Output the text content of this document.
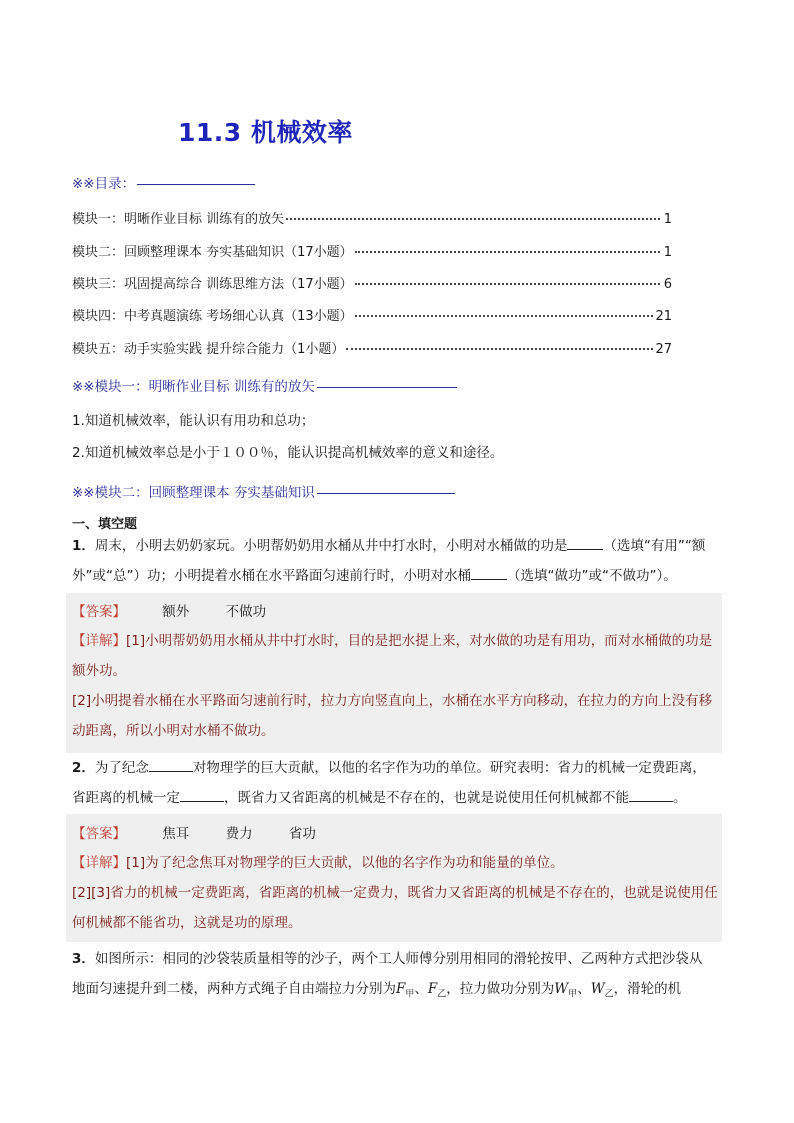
11.3 机械效率
※※目录：
模块一：明晰作业目标 训练有的放矢	1
模块二：回顾整理课本 夯实基础知识（17小题）	1
模块三：巩固提高综合 训练思维方法（17小题）	6
模块四：中考真题演练 考场细心认真（13小题）	21
模块五：动手实验实践 提升综合能力（1小题）	27
※※模块一：明晰作业目标 训练有的放矢
1.知道机械效率，能认识有用功和总功；
2.知道机械效率总是小于１００％，能认识提高机械效率的意义和途径。
※※模块二：回顾整理课本 夯实基础知识
一、填空题
1．周末，小明去奶奶家玩。小明帮奶奶用水桶从井中打水时，小明对水桶做的功是	（选填“有用”“额
外”或“总”）功；小明提着水桶在水平路面匀速前行时，小明对水桶	（选填“做功”或“不做功”）。
【答案】	额外	不做功
【详解】[1]小明帮奶奶用水桶从井中打水时，目的是把水提上来，对水做的功是有用功，而对水桶做的功是额外功。
[2]小明提着水桶在水平路面匀速前行时，拉力方向竖直向上，水桶在水平方向移动，在拉力的方向上没有移动距离，所以小明对水桶不做功。
2．为了纪念	对物理学的巨大贡献，以他的名字作为功的单位。研究表明：省力的机械一定费距离，
省距离的机械一定	，既省力又省距离的机械是不存在的，也就是说使用任何机械都不能	。
【答案】	焦耳	费力	省功
【详解】[1]为了纪念焦耳对物理学的巨大贡献，以他的名字作为功和能量的单位。
[2][3]省力的机械一定费距离，省距离的机械一定费力，既省力又省距离的机械是不存在的，也就是说使用任何机械都不能省功，这就是功的原理。
3．如图所示：相同的沙袋装质量相等的沙子，两个工人师傅分别用相同的滑轮按甲、乙两种方式把沙袋从
地面匀速提升到二楼，两种方式绳子自由端拉力分别为$F_甲$、$F_乙$，拉力做功分别为$W_甲$、$W_乙$，滑轮的机
